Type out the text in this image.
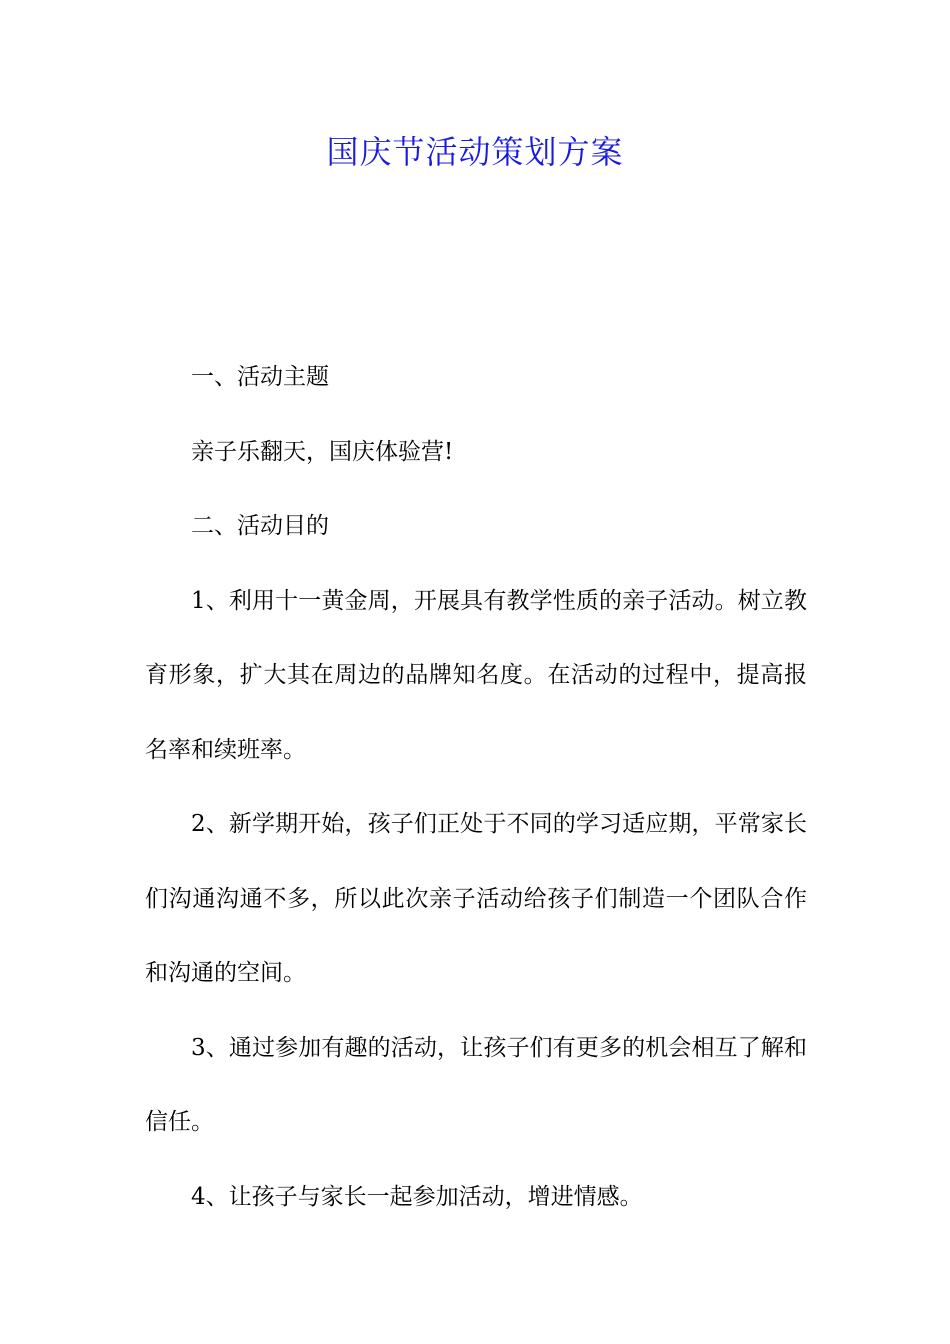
国庆节活动策划方案

一、活动主题

亲子乐翻天，国庆体验营!

二、活动目的

1、利用十一黄金周，开展具有教学性质的亲子活动。树立教育形象，扩大其在周边的品牌知名度。在活动的过程中，提高报名率和续班率。

2、新学期开始，孩子们正处于不同的学习适应期，平常家长们沟通沟通不多，所以此次亲子活动给孩子们制造一个团队合作和沟通的空间。

3、通过参加有趣的活动，让孩子们有更多的机会相互了解和信任。

4、让孩子与家长一起参加活动，增进情感。
